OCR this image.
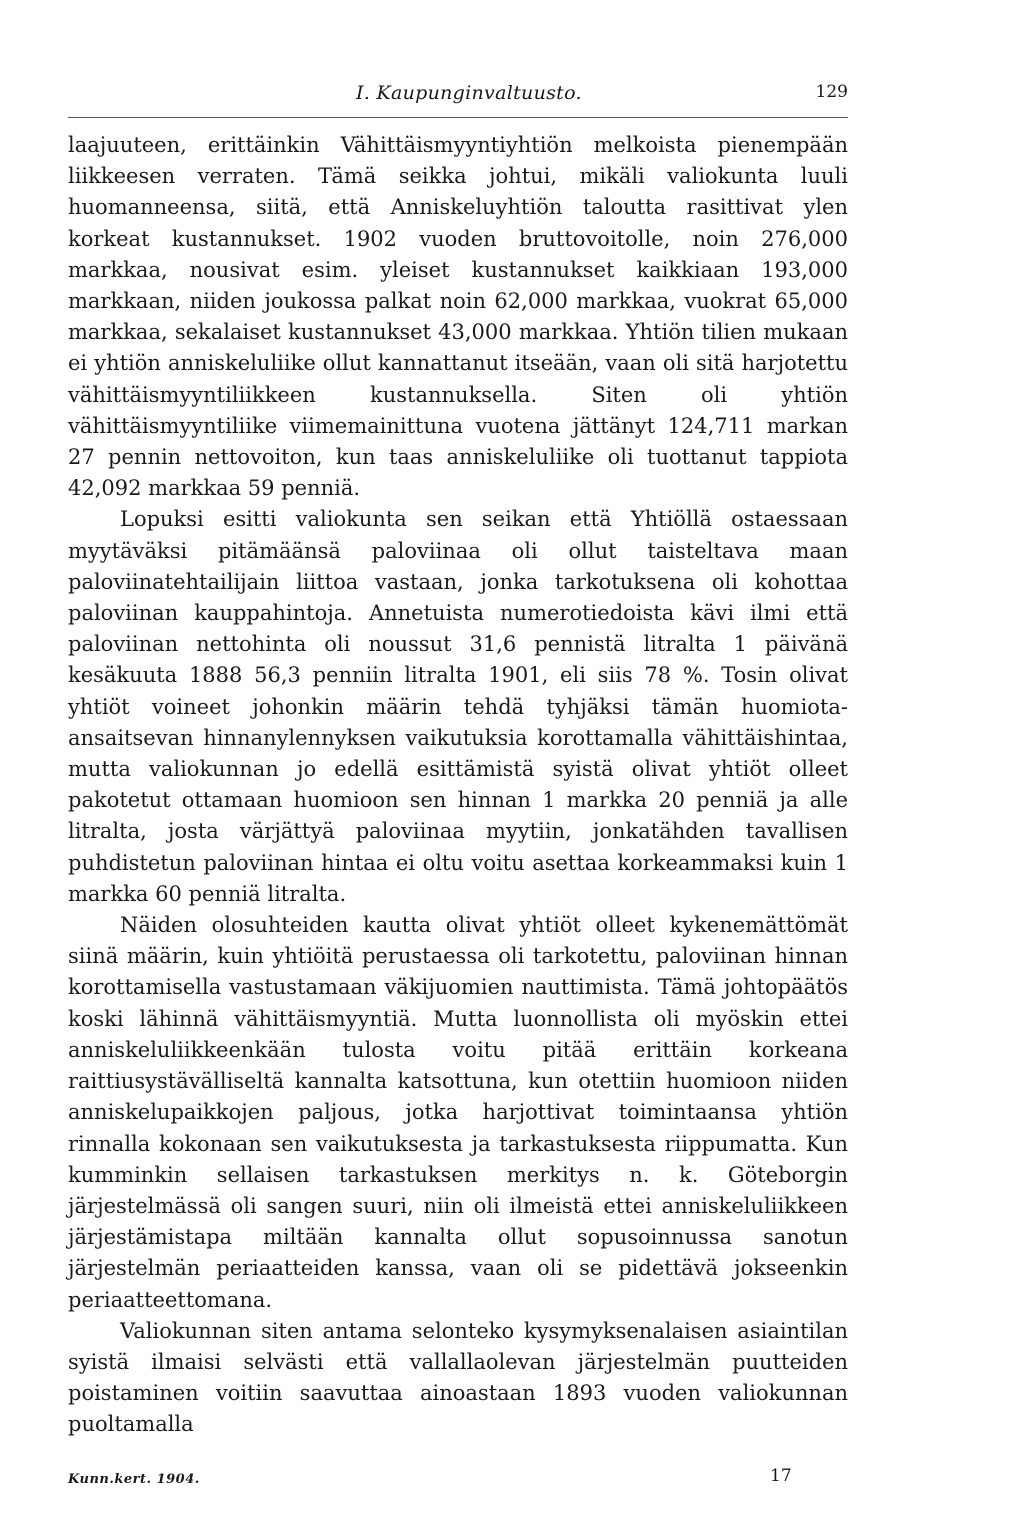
I. Kaupunginvaltuusto.	129

laajuuteen, erittäinkin Vähittäismyyntiyhtiön melkoista pienempään liikkeesen verraten. Tämä seikka johtui, mikäli valiokunta luuli huomanneensa, siitä, että Anniskeluyhtiön taloutta rasittivat ylen korkeat kustannukset. 1902 vuoden bruttovoitolle, noin 276,000 markkaa, nousivat esim. yleiset kustannukset kaikkiaan 193,000 markkaan, niiden joukossa palkat noin 62,000 markkaa, vuokrat 65,000 markkaa, sekalaiset kustannukset 43,000 markkaa. Yhtiön tilien mukaan ei yhtiön anniskeluliike ollut kannattanut itseään, vaan oli sitä harjotettu vähittäismyyntiliikkeen kustannuksella. Siten oli yhtiön vähittäismyyntiliike viimemainittuna vuotena jättänyt 124,711 markan 27 pennin nettovoiton, kun taas anniskeluliike oli tuottanut tappiota 42,092 markkaa 59 penniä.

Lopuksi esitti valiokunta sen seikan että Yhtiöllä ostaessaan myytäväksi pitämäänsä paloviinaa oli ollut taisteltava maan paloviinatehtailijain liittoa vastaan, jonka tarkotuksena oli kohottaa paloviinan kauppahintoja. Annetuista numerotiedoista kävi ilmi että paloviinan nettohinta oli noussut 31,6 pennistä litralta 1 päivänä kesäkuuta 1888 56,3 penniin litralta 1901, eli siis 78 %. Tosin olivat yhtiöt voineet johonkin määrin tehdä tyhjäksi tämän huomiota-ansaitsevan hinnanylennyksen vaikutuksia korottamalla vähittäishintaa, mutta valiokunnan jo edellä esittämistä syistä olivat yhtiöt olleet pakotetut ottamaan huomioon sen hinnan 1 markka 20 penniä ja alle litralta, josta värjättyä paloviinaa myytiin, jonkatähden tavallisen puhdistetun paloviinan hintaa ei oltu voitu asettaa korkeammaksi kuin 1 markka 60 penniä litralta.

Näiden olosuhteiden kautta olivat yhtiöt olleet kykenemättömät siinä määrin, kuin yhtiöitä perustaessa oli tarkotettu, paloviinan hinnan korottamisella vastustamaan väkijuomien nauttimista. Tämä johtopäätös koski lähinnä vähittäismyyntiä. Mutta luonnollista oli myöskin ettei anniskeluliikkeenkään tulosta voitu pitää erittäin korkeana raittiusystävälliseltä kannalta katsottuna, kun otettiin huomioon niiden anniskelupaikkojen paljous, jotka harjottivat toimintaansa yhtiön rinnalla kokonaan sen vaikutuksesta ja tarkastuksesta riippumatta. Kun kumminkin sellaisen tarkastuksen merkitys n. k. Göteborgin järjestelmässä oli sangen suuri, niin oli ilmeistä ettei anniskeluliikkeen järjestämistapa miltään kannalta ollut sopusoinnussa sanotun järjestelmän periaatteiden kanssa, vaan oli se pidettävä jokseenkin periaatteettomana.

Valiokunnan siten antama selonteko kysymyksenalaisen asiaintilan syistä ilmaisi selvästi että vallallaolevan järjestelmän puutteiden poistaminen voitiin saavuttaa ainoastaan 1893 vuoden valiokunnan puoltamalla

Kunn.kert. 1904.	17
